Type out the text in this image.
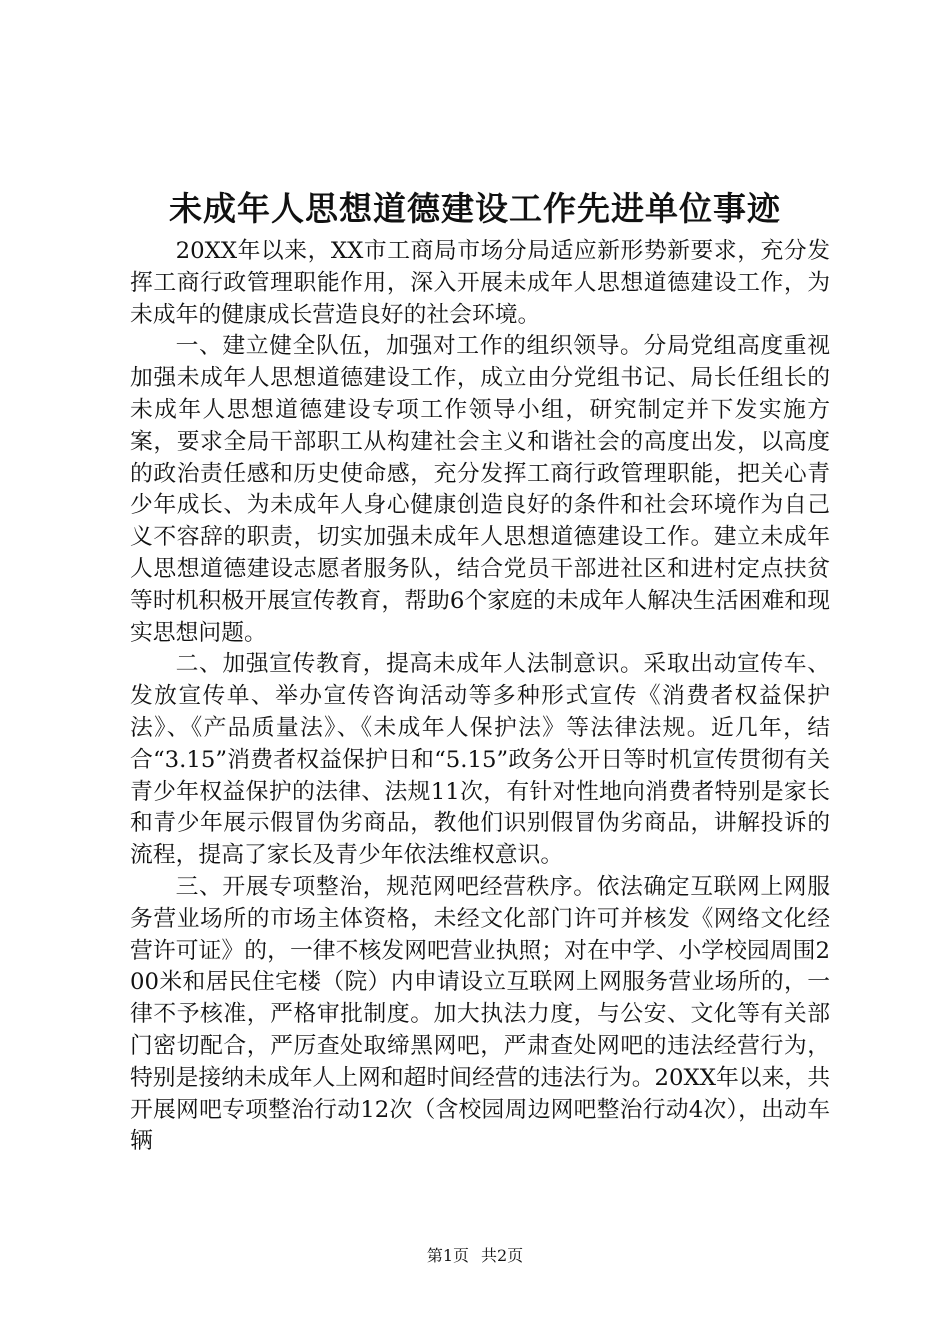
未成年人思想道德建设工作先进单位事迹

20XX年以来，XX市工商局市场分局适应新形势新要求，充分发挥工商行政管理职能作用，深入开展未成年人思想道德建设工作，为未成年的健康成长营造良好的社会环境。

一、建立健全队伍，加强对工作的组织领导。分局党组高度重视加强未成年人思想道德建设工作，成立由分党组书记、局长任组长的未成年人思想道德建设专项工作领导小组，研究制定并下发实施方案，要求全局干部职工从构建社会主义和谐社会的高度出发，以高度的政治责任感和历史使命感，充分发挥工商行政管理职能，把关心青少年成长、为未成年人身心健康创造良好的条件和社会环境作为自己义不容辞的职责，切实加强未成年人思想道德建设工作。建立未成年人思想道德建设志愿者服务队，结合党员干部进社区和进村定点扶贫等时机积极开展宣传教育，帮助6个家庭的未成年人解决生活困难和现实思想问题。

二、加强宣传教育，提高未成年人法制意识。采取出动宣传车、发放宣传单、举办宣传咨询活动等多种形式宣传《消费者权益保护法》、《产品质量法》、《未成年人保护法》等法律法规。近几年，结合“3.15”消费者权益保护日和“5.15”政务公开日等时机宣传贯彻有关青少年权益保护的法律、法规11次，有针对性地向消费者特别是家长和青少年展示假冒伪劣商品，教他们识别假冒伪劣商品，讲解投诉的流程，提高了家长及青少年依法维权意识。

三、开展专项整治，规范网吧经营秩序。依法确定互联网上网服务营业场所的市场主体资格，未经文化部门许可并核发《网络文化经营许可证》的，一律不核发网吧营业执照；对在中学、小学校园周围200米和居民住宅楼（院）内申请设立互联网上网服务营业场所的，一律不予核准，严格审批制度。加大执法力度，与公安、文化等有关部门密切配合，严厉查处取缔黑网吧，严肃查处网吧的违法经营行为，特别是接纳未成年人上网和超时间经营的违法行为。20XX年以来，共开展网吧专项整治行动12次（含校园周边网吧整治行动4次），出动车辆

第1页 共2页
